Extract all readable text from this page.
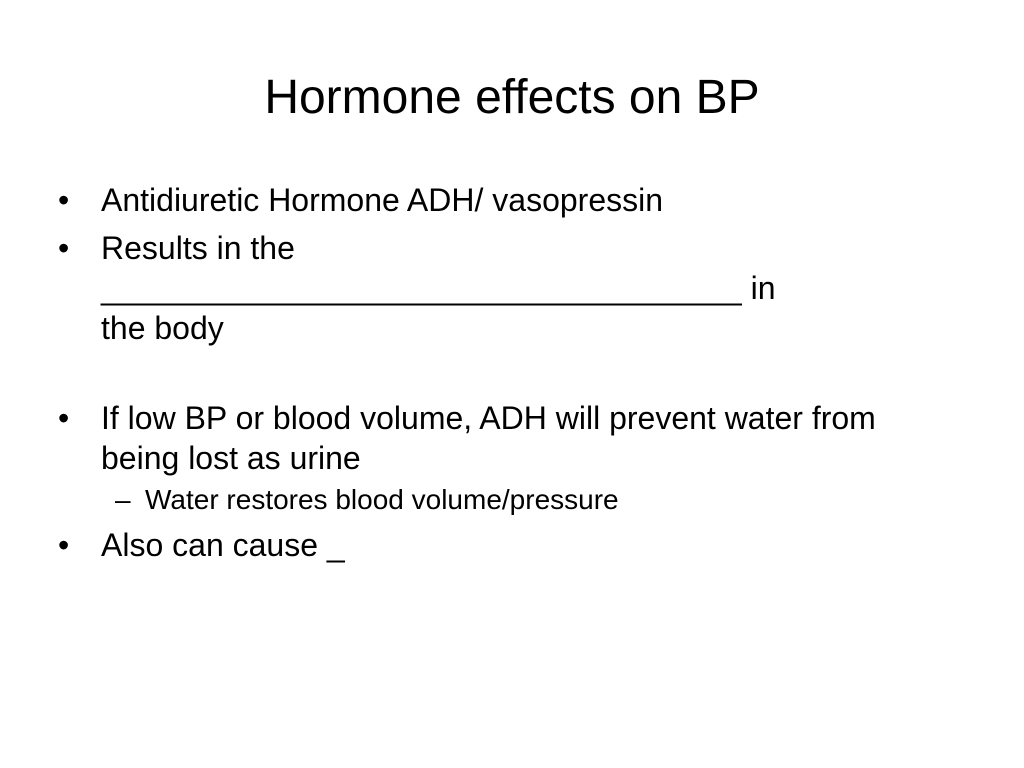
Hormone effects on BP
• Antidiuretic Hormone ADH/ vasopressin
• Results in the
____________________________________ in
the body
• If low BP or blood volume, ADH will prevent water from being lost as urine
– Water restores blood volume/pressure
• Also can cause _
